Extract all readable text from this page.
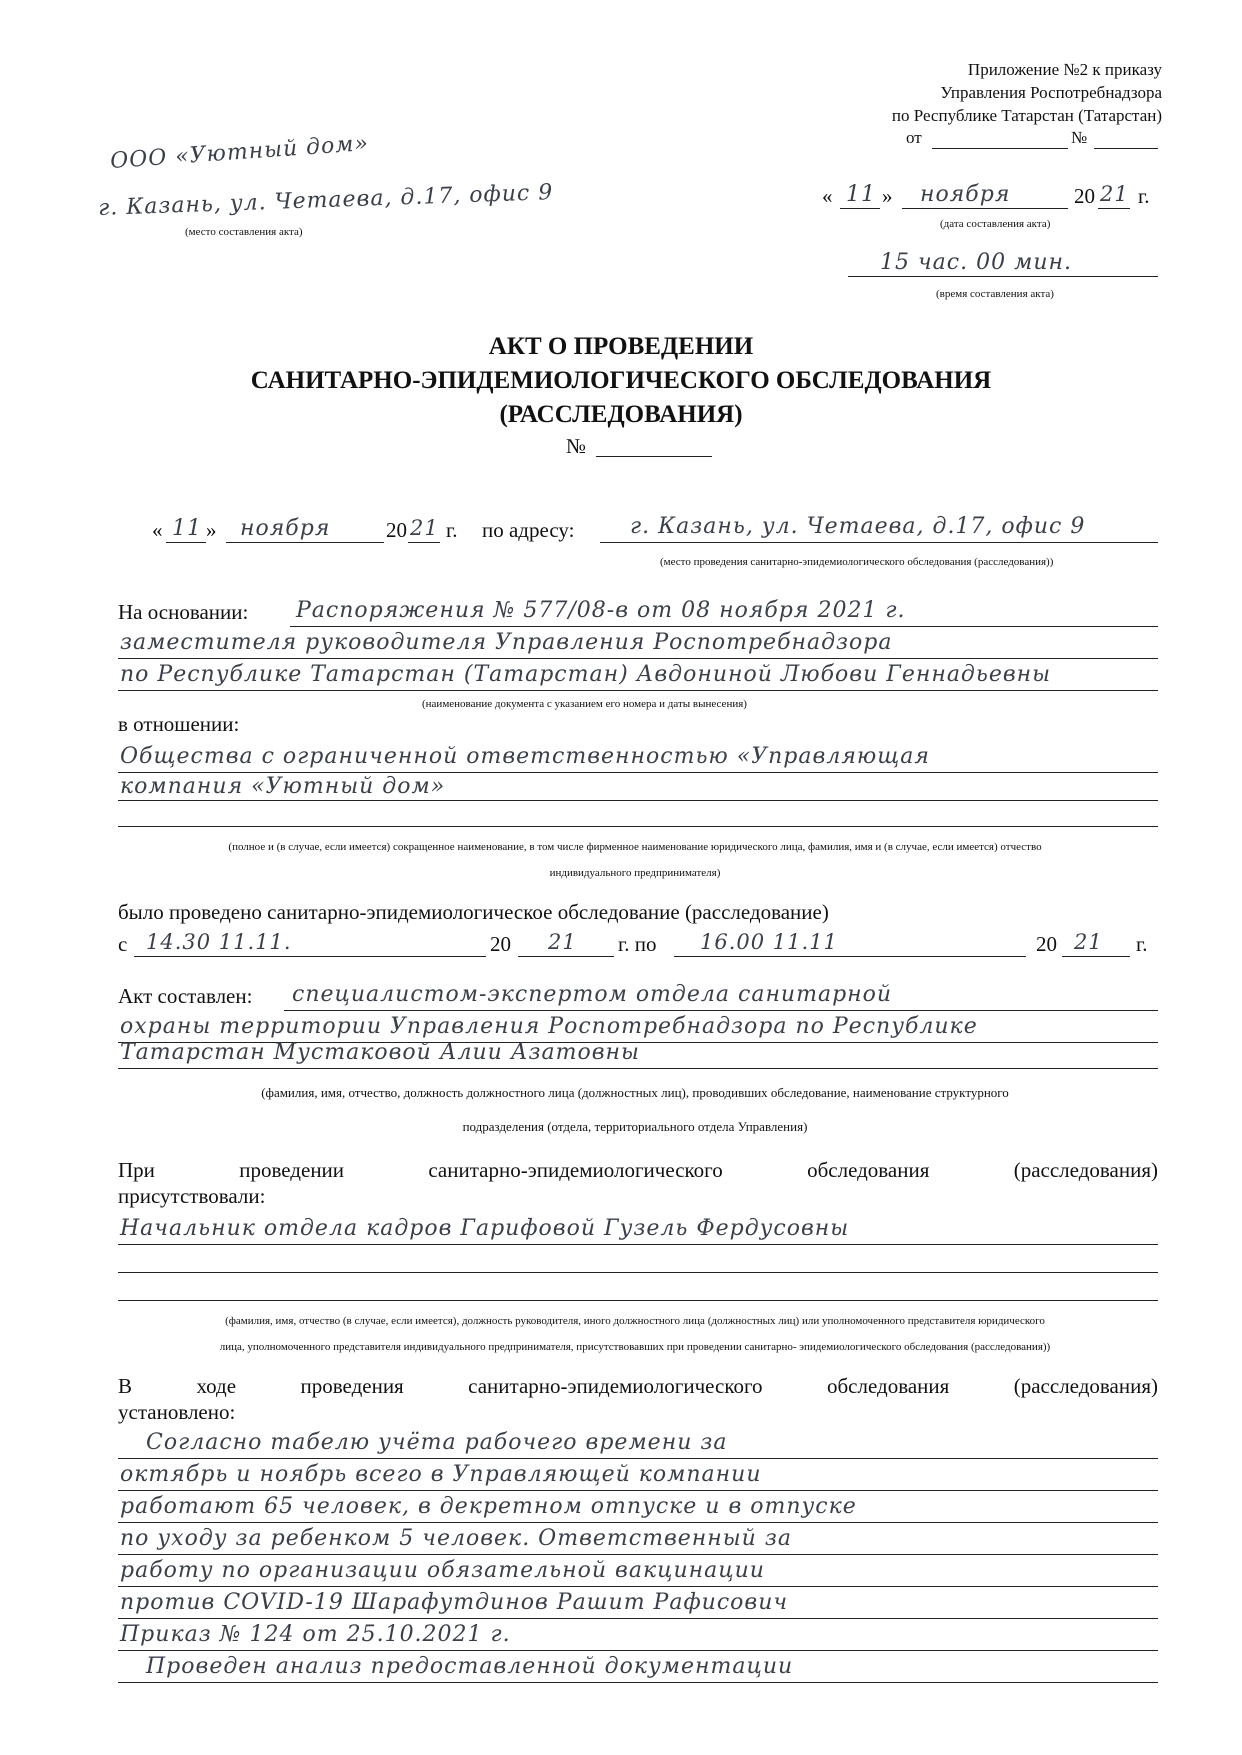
Приложение №2 к приказу
Управления Роспотребнадзора
по Республике Татарстан (Татарстан)
от	№
ООО «Уютный дом»
г. Казань, ул. Четаева, д.17, офис 9
(место составления акта)
« 11 » ноября	20 21 г.
(дата составления акта)
15 час. 00 мин.
(время составления акта)
АКТ О ПРОВЕДЕНИИ
САНИТАРНО-ЭПИДЕМИОЛОГИЧЕСКОГО ОБСЛЕДОВАНИЯ
(РАССЛЕДОВАНИЯ)
№
« 11 » ноября	20 21 г. по адресу:	г. Казань, ул. Четаева, д.17, офис 9
(место проведения санитарно-эпидемиологического обследования (расследования))
На основании: Распоряжения № 577/08-в от 08 ноября 2021 г.
заместителя руководителя Управления Роспотребнадзора
по Республике Татарстан (Татарстан) Авдониной Любови Геннадьевны
(наименование документа с указанием его номера и даты вынесения)
в отношении:
Общества с ограниченной ответственностью «Управляющая
компания «Уютный дом»
(полное и (в случае, если имеется) сокращенное наименование, в том числе фирменное наименование юридического лица, фамилия, имя и (в случае, если имеется) отчество
индивидуального предпринимателя)
было проведено санитарно-эпидемиологическое обследование (расследование)
с 14.30 11.11.	20 21 г. по 16.00 11.11	20 21 г.
Акт составлен: специалистом-экспертом отдела санитарной
охраны территории Управления Роспотребнадзора по Республике
Татарстан Мустаковой Алии Азатовны
(фамилия, имя, отчество, должность должностного лица (должностных лиц), проводивших обследование, наименование структурного
подразделения (отдела, территориального отдела Управления)
При	проведении	санитарно-эпидемиологического	обследования	(расследования)
присутствовали:
Начальник отдела кадров Гарифовой Гузель Фердусовны
(фамилия, имя, отчество (в случае, если имеется), должность руководителя, иного должностного лица (должностных лиц) или уполномоченного представителя юридического
лица, уполномоченного представителя индивидуального предпринимателя, присутствовавших при проведении санитарно- эпидемиологического обследования (расследования))
В	ходе	проведения	санитарно-эпидемиологического	обследования	(расследования)
установлено:
Согласно табелю учёта рабочего времени за
октябрь и ноябрь всего в Управляющей компании
работают 65 человек, в декретном отпуске и в отпуске
по уходу за ребенком 5 человек. Ответственный за
работу по организации обязательной вакцинации
против COVID-19 Шарафутдинов Рашит Рафисович
Приказ № 124 от 25.10.2021 г.
Проведен анализ предоставленной документации
